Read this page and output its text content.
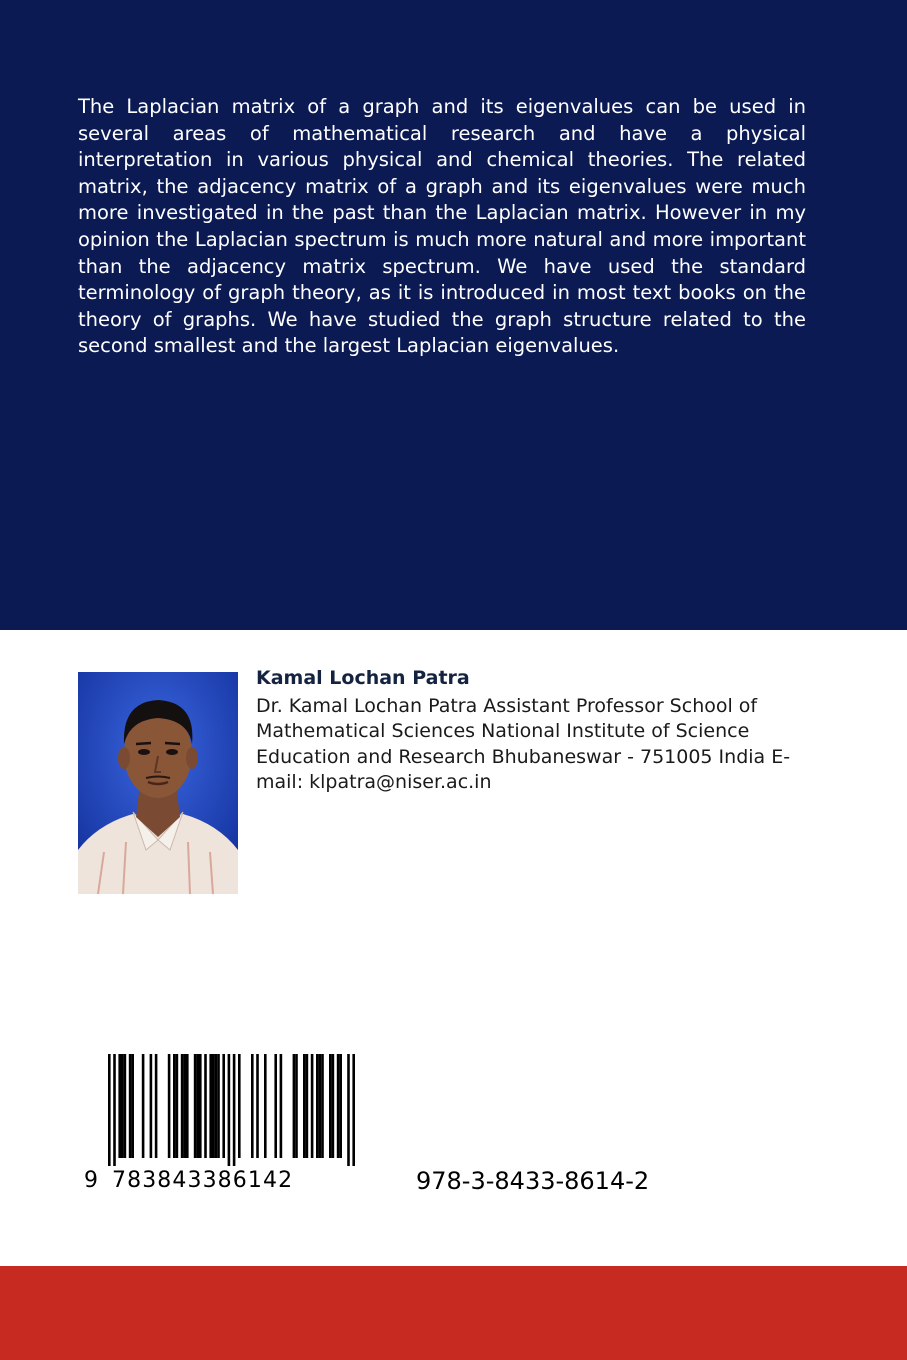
The Laplacian matrix of a graph and its eigenvalues can be used in several areas of mathematical research and have a physical interpretation in various physical and chemical theories. The related matrix, the adjacency matrix of a graph and its eigenvalues were much more investigated in the past than the Laplacian matrix. However in my opinion the Laplacian spectrum is much more natural and more important than the adjacency matrix spectrum. We have used the standard terminology of graph theory, as it is introduced in most text books on the theory of graphs. We have studied the graph structure related to the second smallest and the largest Laplacian eigenvalues.

Kamal Lochan Patra

Dr. Kamal Lochan Patra Assistant Professor School of Mathematical Sciences National Institute of Science Education and Research Bhubaneswar - 751005 India E-mail: klpatra@niser.ac.in

9 783843386142	978-3-8433-8614-2
